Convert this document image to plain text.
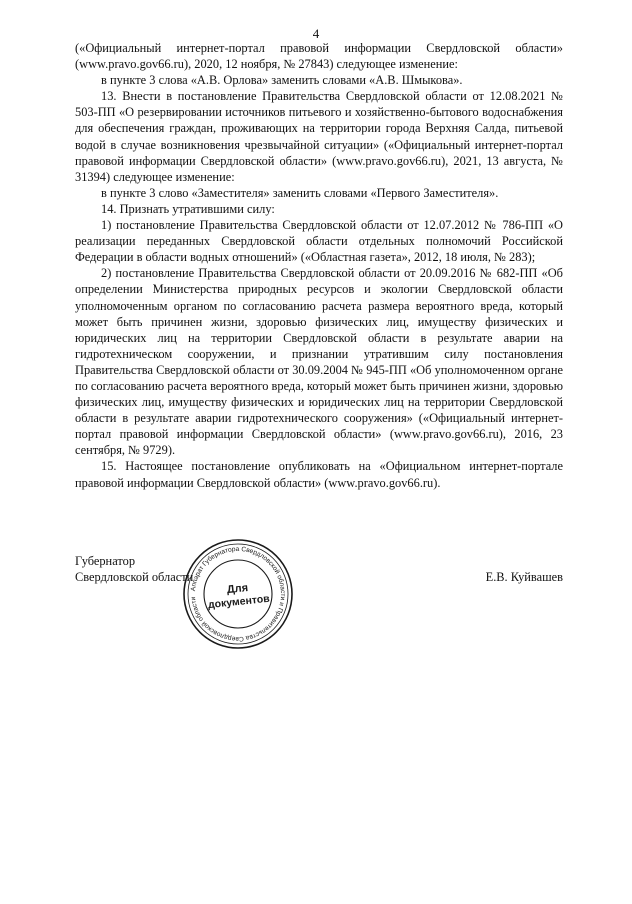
4

(«Официальный интернет-портал правовой информации Свердловской области» (www.pravo.gov66.ru), 2020, 12 ноября, № 27843) следующее изменение:

в пункте 3 слова «А.В. Орлова» заменить словами «А.В. Шмыкова».

13. Внести в постановление Правительства Свердловской области от 12.08.2021 № 503-ПП «О резервировании источников питьевого и хозяйственно-бытового водоснабжения для обеспечения граждан, проживающих на территории города Верхняя Салда, питьевой водой в случае возникновения чрезвычайной ситуации» («Официальный интернет-портал правовой информации Свердловской области» (www.pravo.gov66.ru), 2021, 13 августа, № 31394) следующее изменение:

в пункте 3 слово «Заместителя» заменить словами «Первого Заместителя».

14. Признать утратившими силу:

1) постановление Правительства Свердловской области от 12.07.2012 № 786-ПП «О реализации переданных Свердловской области отдельных полномочий Российской Федерации в области водных отношений» («Областная газета», 2012, 18 июля, № 283);

2) постановление Правительства Свердловской области от 20.09.2016 № 682-ПП «Об определении Министерства природных ресурсов и экологии Свердловской области уполномоченным органом по согласованию расчета размера вероятного вреда, который может быть причинен жизни, здоровью физических лиц, имуществу физических и юридических лиц на территории Свердловской области в результате аварии на гидротехническом сооружении, и признании утратившим силу постановления Правительства Свердловской области от 30.09.2004 № 945-ПП «Об уполномоченном органе по согласованию расчета вероятного вреда, который может быть причинен жизни, здоровью физических лиц, имуществу физических и юридических лиц на территории Свердловской области в результате аварии гидротехнического сооружения» («Официальный интернет-портал правовой информации Свердловской области» (www.pravo.gov66.ru), 2016, 23 сентября, № 9729).

15. Настоящее постановление опубликовать на «Официальном интернет-портале правовой информации Свердловской области» (www.pravo.gov66.ru).

Губернатор
Свердловской области	Е.В. Куйвашев
Аппарат Губернатора Свердловской области и Правительства Свердловской области
Для
документов
